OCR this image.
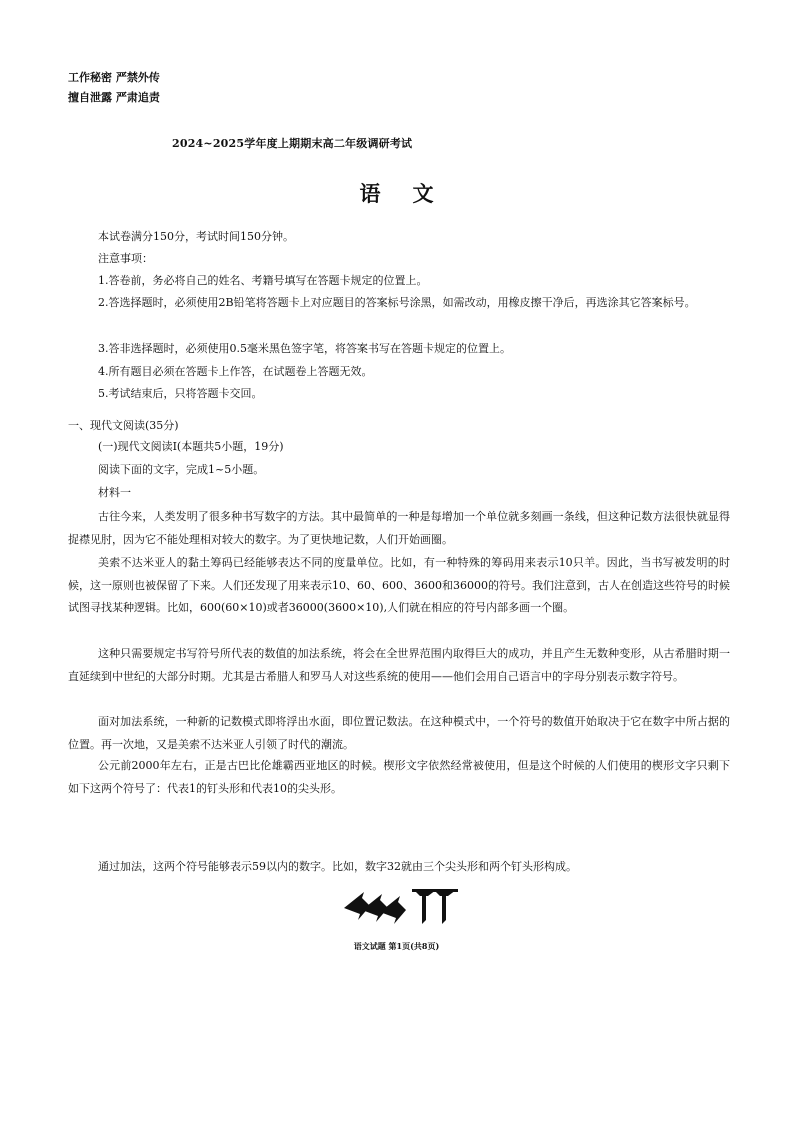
工作秘密 严禁外传
擅自泄露 严肃追责
2024~2025学年度上期期末高二年级调研考试
语文
本试卷满分150分，考试时间150分钟。
注意事项：
1.答卷前，务必将自己的姓名、考籍号填写在答题卡规定的位置上。
2.答选择题时，必须使用2B铅笔将答题卡上对应题目的答案标号涂黑，如需改动，用橡皮擦干净后，再选涂其它答案标号。
3.答非选择题时，必须使用0.5毫米黑色签字笔，将答案书写在答题卡规定的位置上。
4.所有题目必须在答题卡上作答，在试题卷上答题无效。
5.考试结束后，只将答题卡交回。
一、现代文阅读(35分)
(一)现代文阅读Ⅰ(本题共5小题，19分)
阅读下面的文字，完成1~5小题。
材料一
古往今来，人类发明了很多种书写数字的方法。其中最简单的一种是每增加一个单位就多刻画一条线，但这种记数方法很快就显得捉襟见肘，因为它不能处理相对较大的数字。为了更快地记数，人们开始画圈。
美索不达米亚人的黏土筹码已经能够表达不同的度量单位。比如，有一种特殊的筹码用来表示10只羊。因此，当书写被发明的时候，这一原则也被保留了下来。人们还发现了用来表示10、60、600、3600和36000的符号。我们注意到，古人在创造这些符号的时候试图寻找某种逻辑。比如，600(60×10)或者36000(3600×10),人们就在相应的符号内部多画一个圈。
这种只需要规定书写符号所代表的数值的加法系统，将会在全世界范围内取得巨大的成功，并且产生无数种变形，从古希腊时期一直延续到中世纪的大部分时期。尤其是古希腊人和罗马人对这些系统的使用——他们会用自己语言中的字母分别表示数字符号。
面对加法系统，一种新的记数模式即将浮出水面，即位置记数法。在这种模式中，一个符号的数值开始取决于它在数字中所占据的位置。再一次地，又是美索不达米亚人引领了时代的潮流。
公元前2000年左右，正是古巴比伦雄霸西亚地区的时候。楔形文字依然经常被使用，但是这个时候的人们使用的楔形文字只剩下如下这两个符号了：代表1的钉头形和代表10的尖头形。
通过加法，这两个符号能够表示59以内的数字。比如，数字32就由三个尖头形和两个钉头形构成。
语文试题 第1页(共8页)
